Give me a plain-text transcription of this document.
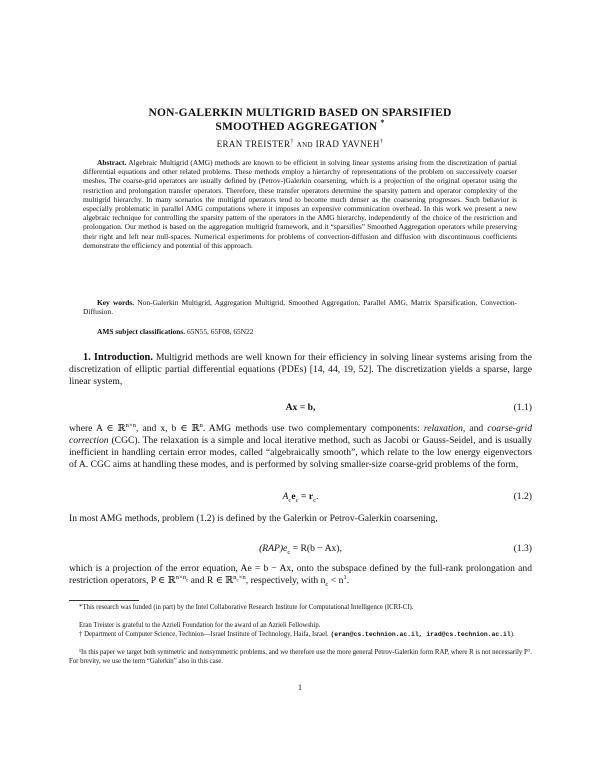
NON-GALERKIN MULTIGRID BASED ON SPARSIFIED
SMOOTHED AGGREGATION *
ERAN TREISTER† AND IRAD YAVNEH†
Abstract. Algebraic Multigrid (AMG) methods are known to be efficient in solving linear systems arising from the discretization of partial differential equations and other related problems. These methods employ a hierarchy of representations of the problem on successively coarser meshes. The coarse-grid operators are usually defined by (Petrov-)Galerkin coarsening, which is a projection of the original operator using the restriction and prolongation transfer operators. Therefore, these transfer operators determine the sparsity pattern and operator complexity of the multigrid hierarchy. In many scenarios the multigrid operators tend to become much denser as the coarsening progresses. Such behavior is especially problematic in parallel AMG computations where it imposes an expensive communication overhead. In this work we present a new algebraic technique for controlling the sparsity pattern of the operators in the AMG hierarchy, independently of the choice of the restriction and prolongation. Our method is based on the aggregation multigrid framework, and it “sparsifies” Smoothed Aggregation operators while preserving their right and left near null-spaces. Numerical experiments for problems of convection-diffusion and diffusion with discontinuous coefficients demonstrate the efficiency and potential of this approach.
Key words. Non-Galerkin Multigrid, Aggregation Multigrid, Smoothed Aggregation, Parallel AMG, Matrix Sparsification, Convection-Diffusion.
AMS subject classifications. 65N55, 65F08, 65N22
1. Introduction. Multigrid methods are well known for their efficiency in solving linear systems arising from the discretization of elliptic partial differential equations (PDEs) [14, 44, 19, 52]. The discretization yields a sparse, large linear system,
Ax = b,	(1.1)
where A ∈ ℝ$^{n\times n}$, and x, b ∈ ℝ$^n$. AMG methods use two complementary components: relaxation, and coarse-grid correction (CGC). The relaxation is a simple and local iterative method, such as Jacobi or Gauss-Seidel, and is usually inefficient in handling certain error modes, called “algebraically smooth”, which relate to the low energy eigenvectors of A. CGC aims at handling these modes, and is performed by solving smaller-size coarse-grid problems of the form,
$A_ce_c = r_c$.	(1.2)
In most AMG methods, problem (1.2) is defined by the Galerkin or Petrov-Galerkin coarsening,
$(RAP)e_c = R(b - Ax)$,	(1.3)
which is a projection of the error equation, Ae = b − Ax, onto the subspace defined by the full-rank prolongation and restriction operators, P ∈ ℝ$^{n\times n_c}$ and R ∈ ℝ$^{n_c\times n}$, respectively, with $n_c < n^1$.
*This research was funded (in part) by the Intel Collaborative Research Institute for Computational Intelligence (ICRI-CI).
Eran Treister is grateful to the Azrieli Foundation for the award of an Azrieli Fellowship.
† Department of Computer Science, Technion—Israel Institute of Technology, Haifa, Israel. (eran@cs.technion.ac.il, irad@cs.technion.ac.il).
¹In this paper we target both symmetric and nonsymmetric problems, and we therefore use the more general Petrov-Galerkin form RAP, where R is not necessarily Pᵀ. For brevity, we use the term “Galerkin” also in this case.
1
